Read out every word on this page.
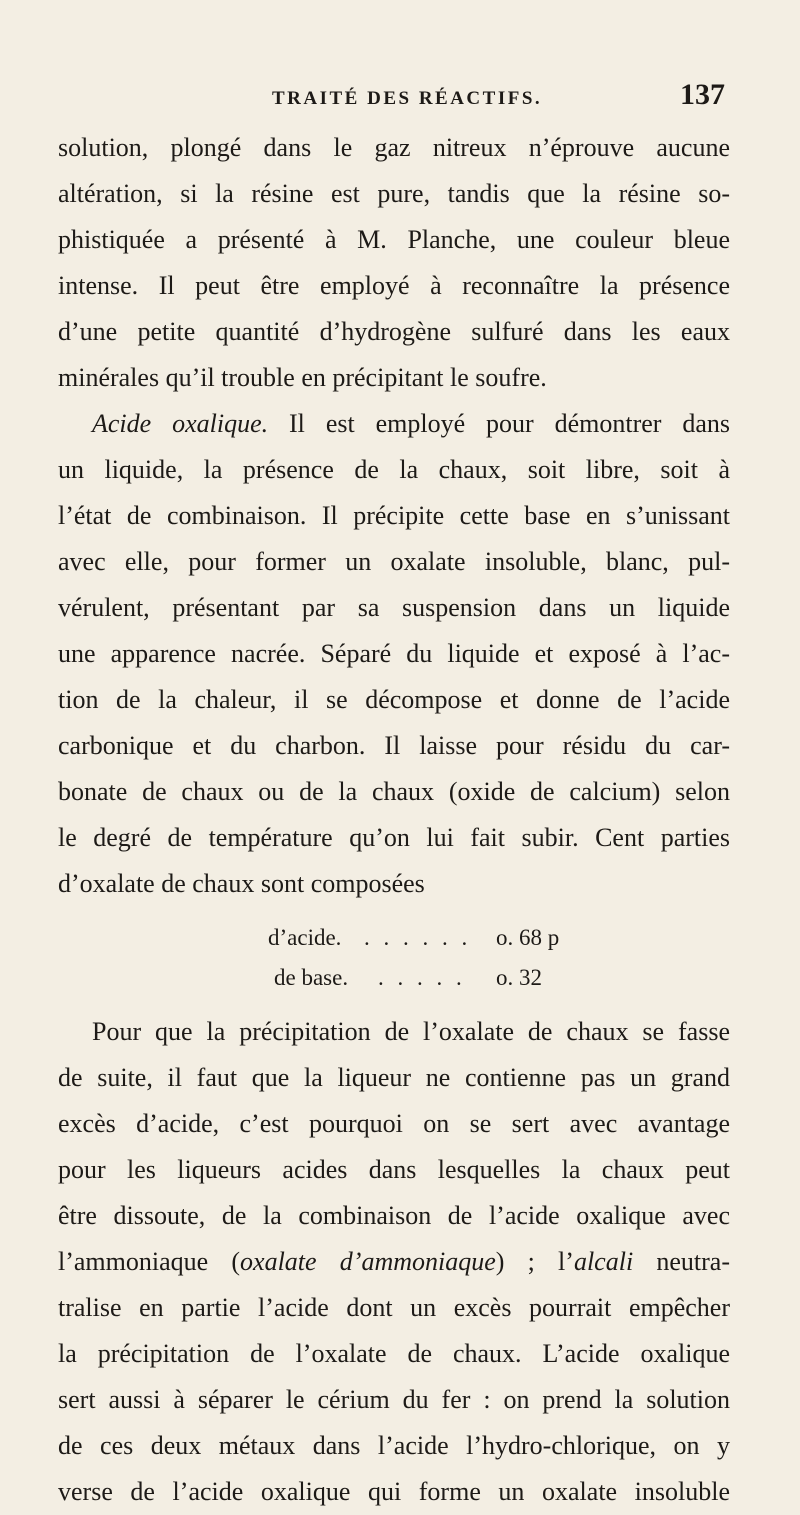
TRAITÉ DES RÉACTIFS.	137
solution, plongé dans le gaz nitreux n’éprouve aucune
altération, si la résine est pure, tandis que la résine so-
phistiquée a présenté à M. Planche, une couleur bleue
intense. Il peut être employé à reconnaître la présence
d’une petite quantité d’hydrogène sulfuré dans les eaux
minérales qu’il trouble en précipitant le soufre.
Acide oxalique. Il est employé pour démontrer dans
un liquide, la présence de la chaux, soit libre, soit à
l’état de combinaison. Il précipite cette base en s’unissant
avec elle, pour former un oxalate insoluble, blanc, pul-
vérulent, présentant par sa suspension dans un liquide
une apparence nacrée. Séparé du liquide et exposé à l’ac-
tion de la chaleur, il se décompose et donne de l’acide
carbonique et du charbon. Il laisse pour résidu du car-
bonate de chaux ou de la chaux (oxide de calcium) selon
le degré de température qu’on lui fait subir. Cent parties
d’oxalate de chaux sont composées
d’acide. . . . . . . o. 68 p
de base. . . . . . o. 32
Pour que la précipitation de l’oxalate de chaux se fasse
de suite, il faut que la liqueur ne contienne pas un grand
excès d’acide, c’est pourquoi on se sert avec avantage
pour les liqueurs acides dans lesquelles la chaux peut
être dissoute, de la combinaison de l’acide oxalique avec
l’ammoniaque (oxalate d’ammoniaque) ; l’alcali neutra-
tralise en partie l’acide dont un excès pourrait empêcher
la précipitation de l’oxalate de chaux. L’acide oxalique
sert aussi à séparer le cérium du fer : on prend la solution
de ces deux métaux dans l’acide l’hydro-chlorique, on y
verse de l’acide oxalique qui forme un oxalate insoluble
